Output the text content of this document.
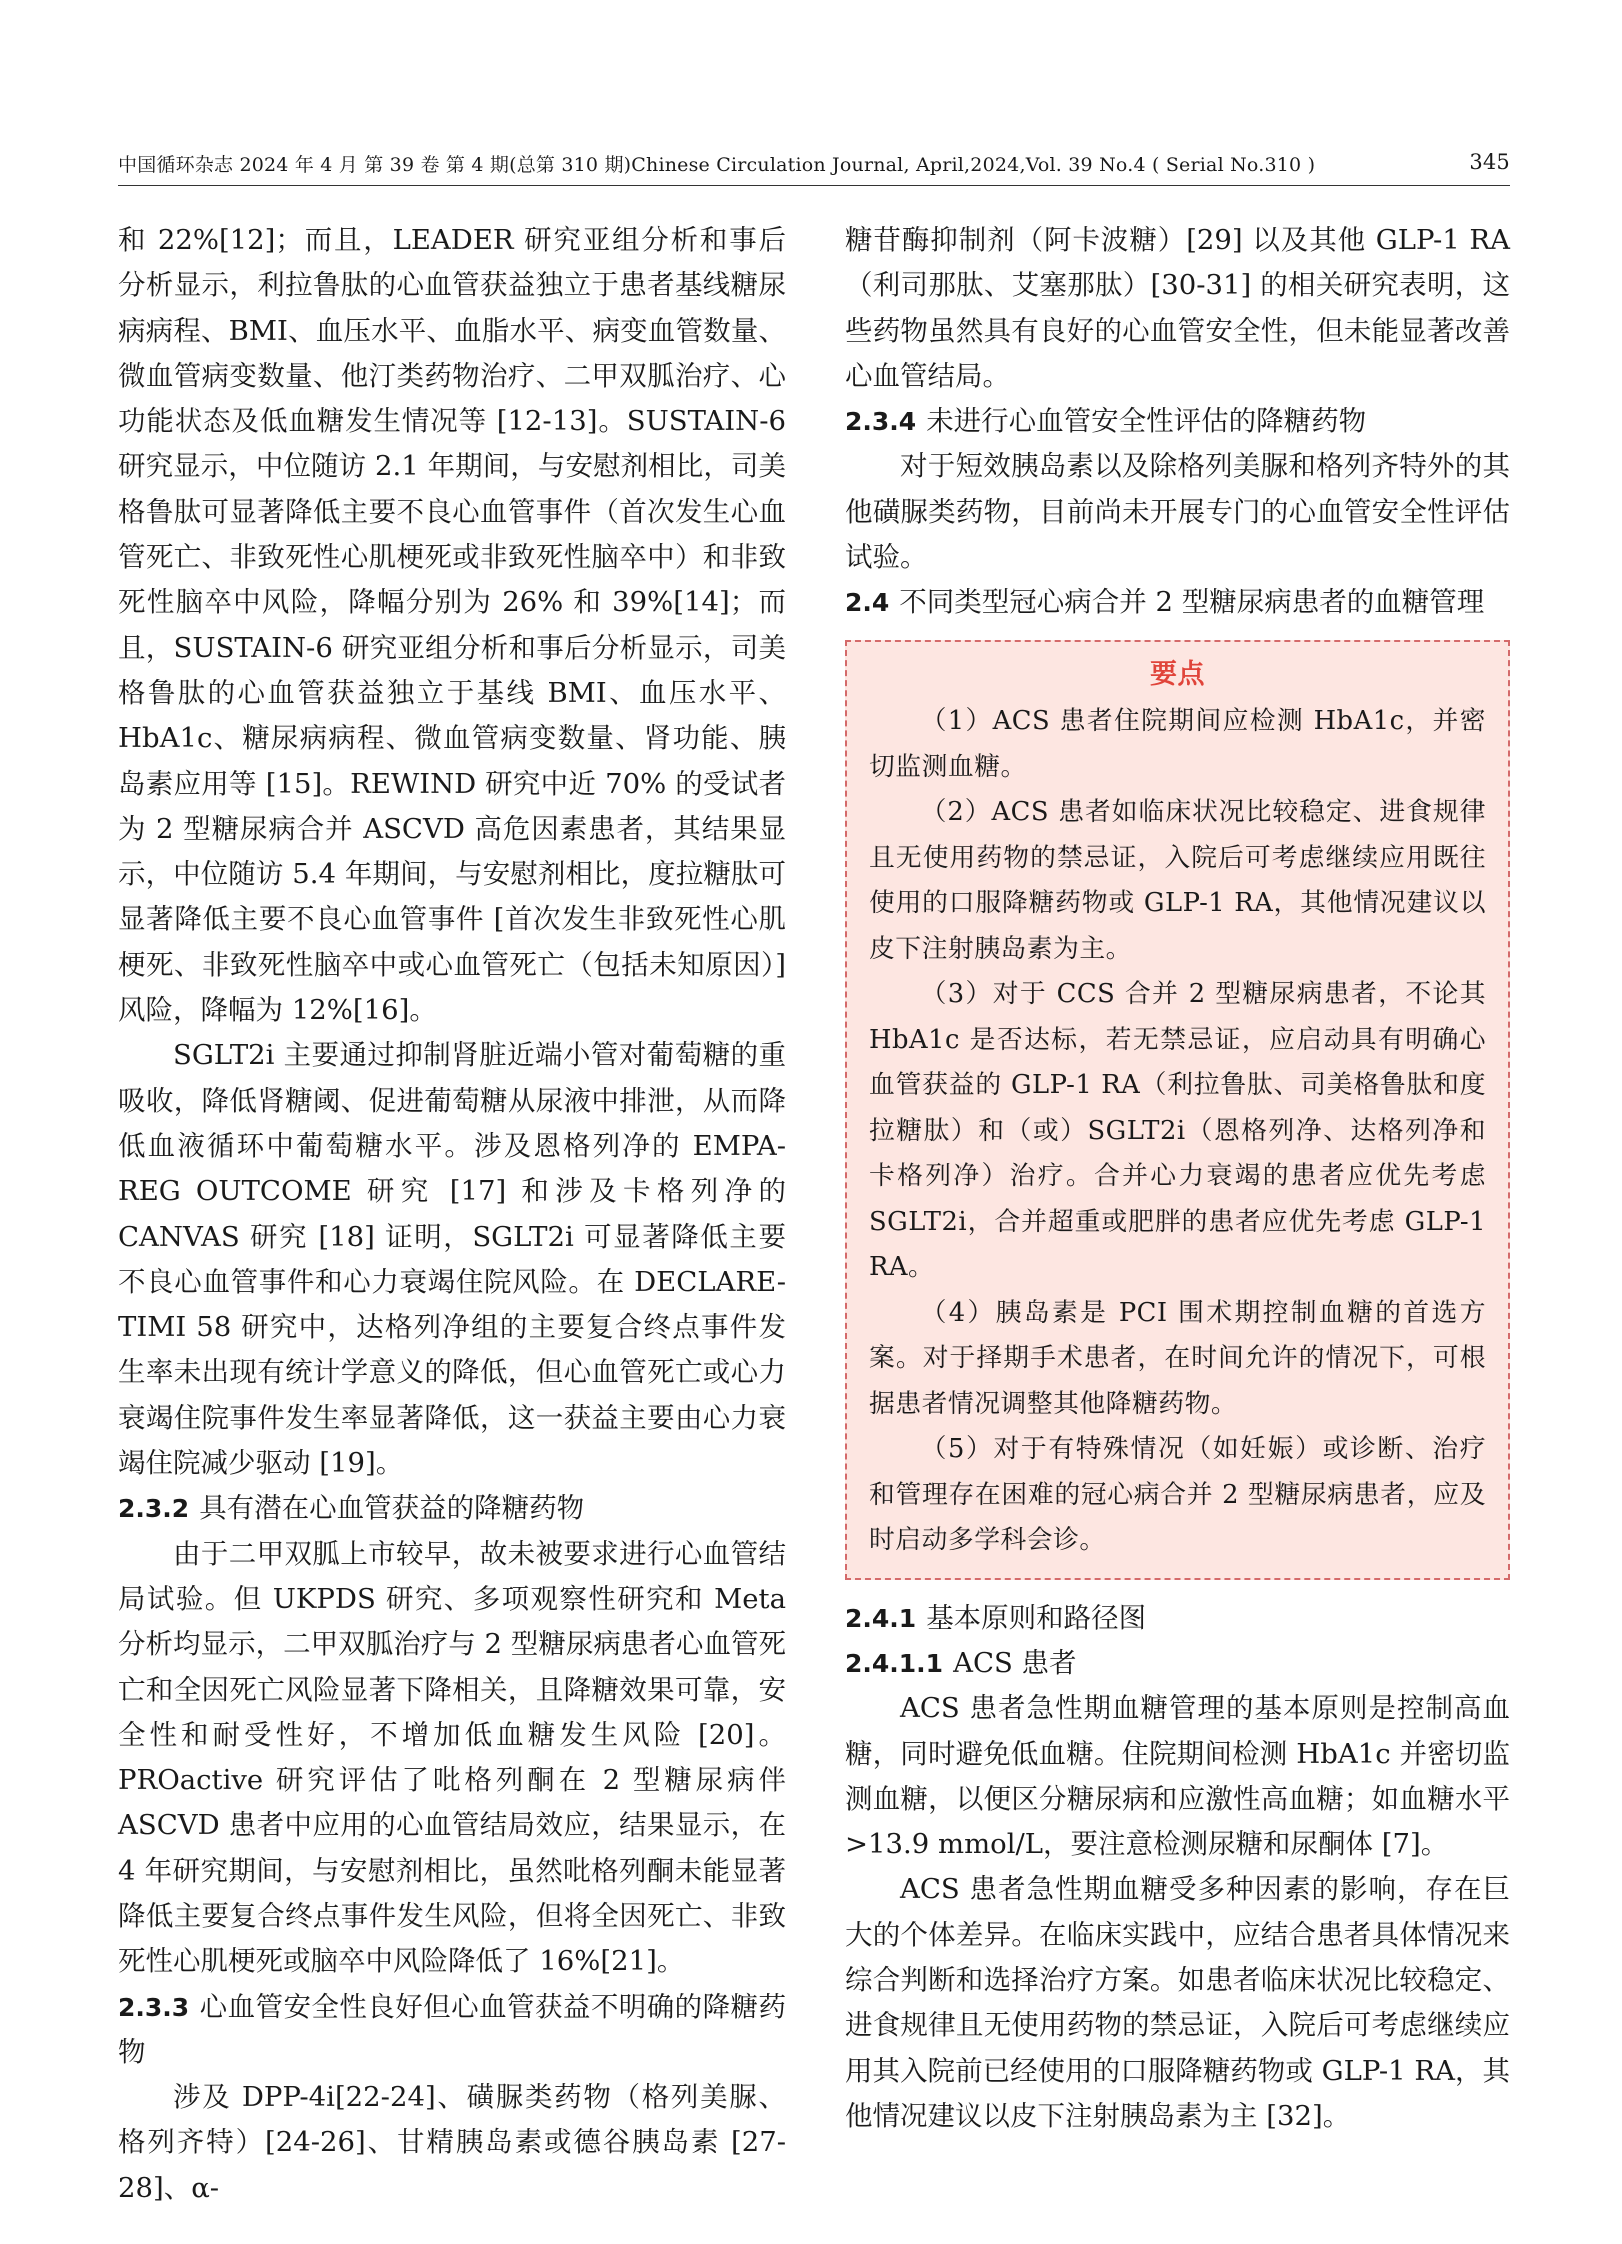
中国循环杂志 2024 年 4 月 第 39 卷 第 4 期(总第 310 期)Chinese Circulation Journal, April,2024,Vol. 39 No.4 ( Serial No.310 )	345

和 22%[12]；而且，LEADER 研究亚组分析和事后分析显示，利拉鲁肽的心血管获益独立于患者基线糖尿病病程、BMI、血压水平、血脂水平、病变血管数量、微血管病变数量、他汀类药物治疗、二甲双胍治疗、心功能状态及低血糖发生情况等 [12-13]。SUSTAIN-6 研究显示，中位随访 2.1 年期间，与安慰剂相比，司美格鲁肽可显著降低主要不良心血管事件（首次发生心血管死亡、非致死性心肌梗死或非致死性脑卒中）和非致死性脑卒中风险，降幅分别为 26% 和 39%[14]；而且，SUSTAIN-6 研究亚组分析和事后分析显示，司美格鲁肽的心血管获益独立于基线 BMI、血压水平、HbA1c、糖尿病病程、微血管病变数量、肾功能、胰岛素应用等 [15]。REWIND 研究中近 70% 的受试者为 2 型糖尿病合并 ASCVD 高危因素患者，其结果显示，中位随访 5.4 年期间，与安慰剂相比，度拉糖肽可显著降低主要不良心血管事件 [首次发生非致死性心肌梗死、非致死性脑卒中或心血管死亡（包括未知原因）] 风险，降幅为 12%[16]。

SGLT2i 主要通过抑制肾脏近端小管对葡萄糖的重吸收，降低肾糖阈、促进葡萄糖从尿液中排泄，从而降低血液循环中葡萄糖水平。涉及恩格列净的 EMPA-REG OUTCOME 研究 [17] 和涉及卡格列净的 CANVAS 研究 [18] 证明，SGLT2i 可显著降低主要不良心血管事件和心力衰竭住院风险。在 DECLARE-TIMI 58 研究中，达格列净组的主要复合终点事件发生率未出现有统计学意义的降低，但心血管死亡或心力衰竭住院事件发生率显著降低，这一获益主要由心力衰竭住院减少驱动 [19]。

2.3.2 具有潜在心血管获益的降糖药物

由于二甲双胍上市较早，故未被要求进行心血管结局试验。但 UKPDS 研究、多项观察性研究和 Meta 分析均显示，二甲双胍治疗与 2 型糖尿病患者心血管死亡和全因死亡风险显著下降相关，且降糖效果可靠，安全性和耐受性好，不增加低血糖发生风险 [20]。PROactive 研究评估了吡格列酮在 2 型糖尿病伴 ASCVD 患者中应用的心血管结局效应，结果显示，在 4 年研究期间，与安慰剂相比，虽然吡格列酮未能显著降低主要复合终点事件发生风险，但将全因死亡、非致死性心肌梗死或脑卒中风险降低了 16%[21]。

2.3.3 心血管安全性良好但心血管获益不明确的降糖药物

涉及 DPP-4i[22-24]、磺脲类药物（格列美脲、格列齐特）[24-26]、甘精胰岛素或德谷胰岛素 [27-28]、α-

糖苷酶抑制剂（阿卡波糖）[29] 以及其他 GLP-1 RA（利司那肽、艾塞那肽）[30-31] 的相关研究表明，这些药物虽然具有良好的心血管安全性，但未能显著改善心血管结局。

2.3.4 未进行心血管安全性评估的降糖药物

对于短效胰岛素以及除格列美脲和格列齐特外的其他磺脲类药物，目前尚未开展专门的心血管安全性评估试验。

2.4 不同类型冠心病合并 2 型糖尿病患者的血糖管理

要点

（1）ACS 患者住院期间应检测 HbA1c，并密切监测血糖。

（2）ACS 患者如临床状况比较稳定、进食规律且无使用药物的禁忌证，入院后可考虑继续应用既往使用的口服降糖药物或 GLP-1 RA，其他情况建议以皮下注射胰岛素为主。

（3）对于 CCS 合并 2 型糖尿病患者，不论其 HbA1c 是否达标，若无禁忌证，应启动具有明确心血管获益的 GLP-1 RA（利拉鲁肽、司美格鲁肽和度拉糖肽）和（或）SGLT2i（恩格列净、达格列净和卡格列净）治疗。合并心力衰竭的患者应优先考虑 SGLT2i，合并超重或肥胖的患者应优先考虑 GLP-1 RA。

（4）胰岛素是 PCI 围术期控制血糖的首选方案。对于择期手术患者，在时间允许的情况下，可根据患者情况调整其他降糖药物。

（5）对于有特殊情况（如妊娠）或诊断、治疗和管理存在困难的冠心病合并 2 型糖尿病患者，应及时启动多学科会诊。

2.4.1 基本原则和路径图

2.4.1.1 ACS 患者

ACS 患者急性期血糖管理的基本原则是控制高血糖，同时避免低血糖。住院期间检测 HbA1c 并密切监测血糖，以便区分糖尿病和应激性高血糖；如血糖水平 >13.9 mmol/L，要注意检测尿糖和尿酮体 [7]。

ACS 患者急性期血糖受多种因素的影响，存在巨大的个体差异。在临床实践中，应结合患者具体情况来综合判断和选择治疗方案。如患者临床状况比较稳定、进食规律且无使用药物的禁忌证，入院后可考虑继续应用其入院前已经使用的口服降糖药物或 GLP-1 RA，其他情况建议以皮下注射胰岛素为主 [32]。
